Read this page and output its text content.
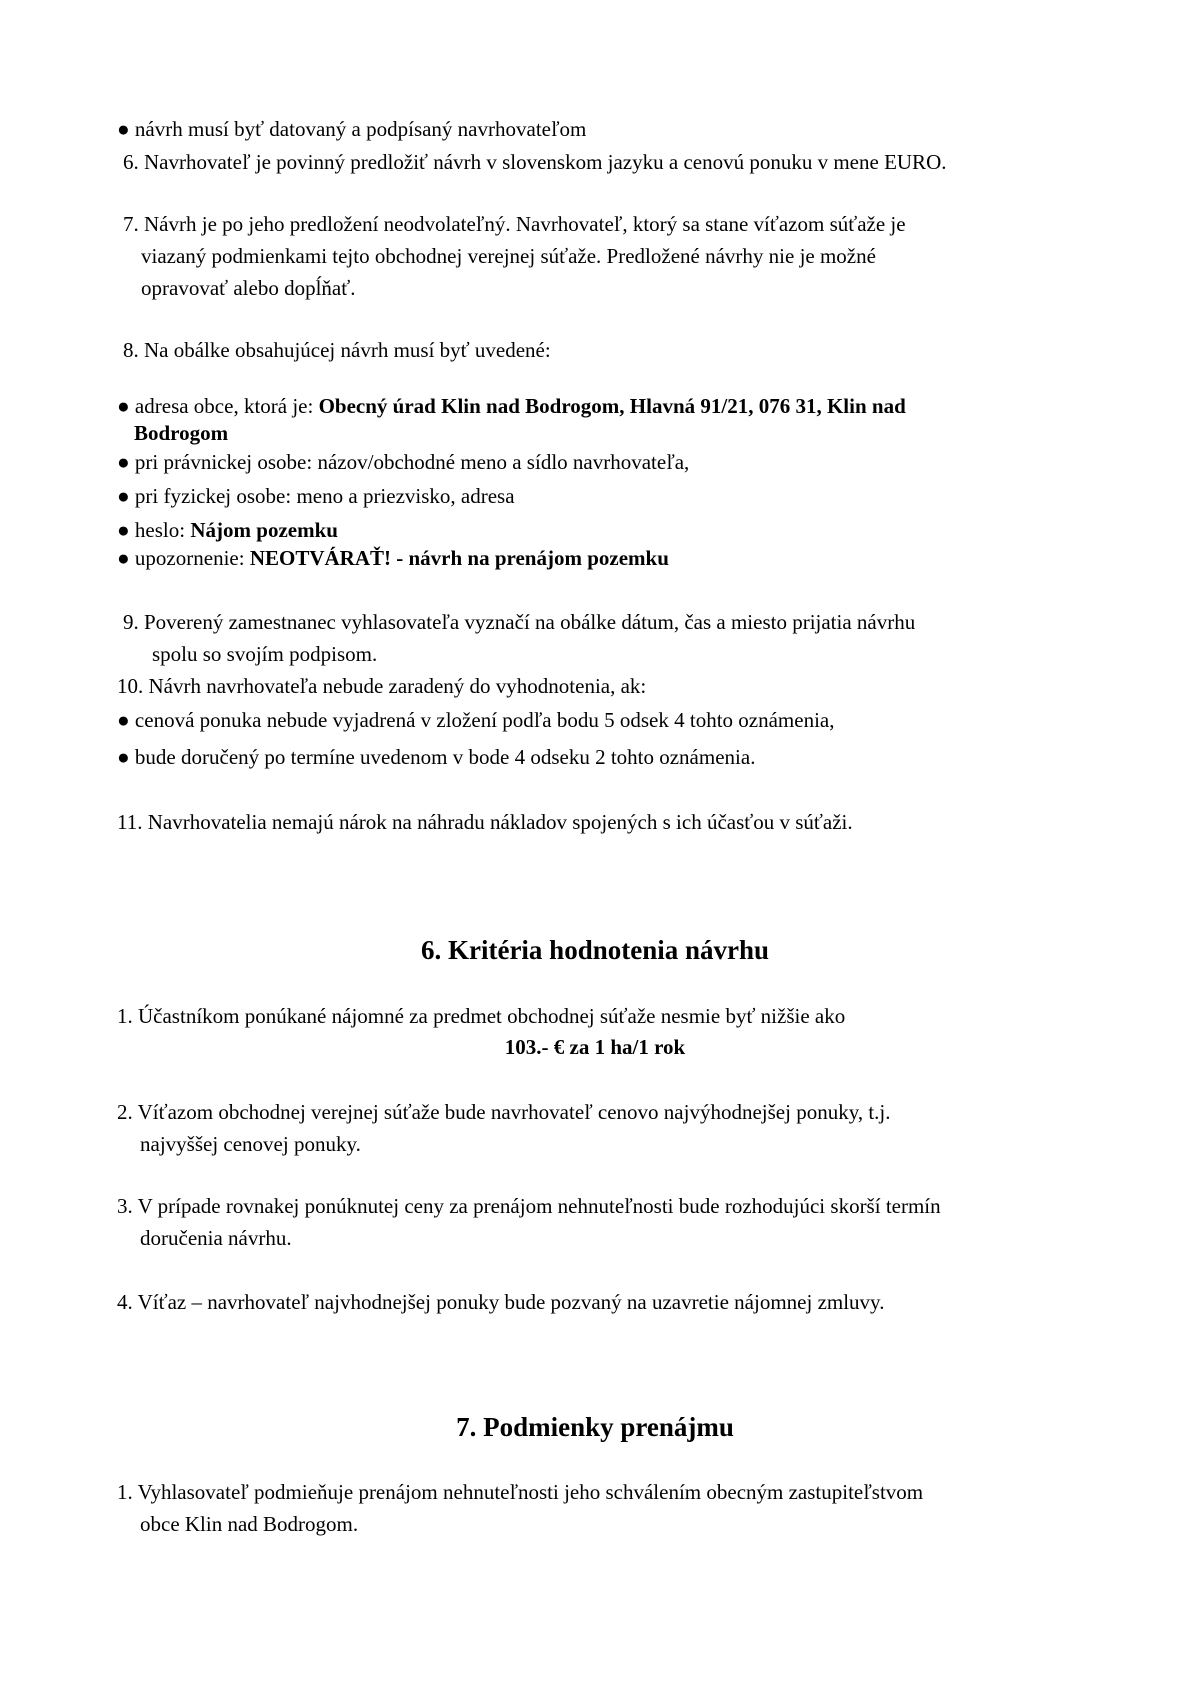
● návrh musí byť datovaný a podpísaný navrhovateľom
6. Navrhovateľ je povinný predložiť návrh v slovenskom jazyku a cenovú ponuku v mene EURO.
7. Návrh je po jeho predložení neodvolateľný. Navrhovateľ, ktorý sa stane víťazom súťaže je
viazaný podmienkami tejto obchodnej verejnej súťaže. Predložené návrhy nie je možné
opravovať alebo dopĺňať.
8. Na obálke obsahujúcej návrh musí byť uvedené:
● adresa obce, ktorá je: Obecný úrad Klin nad Bodrogom, Hlavná 91/21, 076 31, Klin nad
Bodrogom
● pri právnickej osobe: názov/obchodné meno a sídlo navrhovateľa,
● pri fyzickej osobe: meno a priezvisko, adresa
● heslo: Nájom pozemku
● upozornenie: NEOTVÁRAŤ! - návrh na prenájom pozemku
9. Poverený zamestnanec vyhlasovateľa vyznačí na obálke dátum, čas a miesto prijatia návrhu
spolu so svojím podpisom.
10. Návrh navrhovateľa nebude zaradený do vyhodnotenia, ak:
● cenová ponuka nebude vyjadrená v zložení podľa bodu 5 odsek 4 tohto oznámenia,
● bude doručený po termíne uvedenom v bode 4 odseku 2 tohto oznámenia.
11. Navrhovatelia nemajú nárok na náhradu nákladov spojených s ich účasťou v súťaži.
6. Kritéria hodnotenia návrhu
1. Účastníkom ponúkané nájomné za predmet obchodnej súťaže nesmie byť nižšie ako
103.- € za 1 ha/1 rok
2. Víťazom obchodnej verejnej súťaže bude navrhovateľ cenovo najvýhodnejšej ponuky, t.j.
najvyššej cenovej ponuky.
3. V prípade rovnakej ponúknutej ceny za prenájom nehnuteľnosti bude rozhodujúci skorší termín
doručenia návrhu.
4. Víťaz – navrhovateľ najvhodnejšej ponuky bude pozvaný na uzavretie nájomnej zmluvy.
7. Podmienky prenájmu
1. Vyhlasovateľ podmieňuje prenájom nehnuteľnosti jeho schválením obecným zastupiteľstvom
obce Klin nad Bodrogom.
